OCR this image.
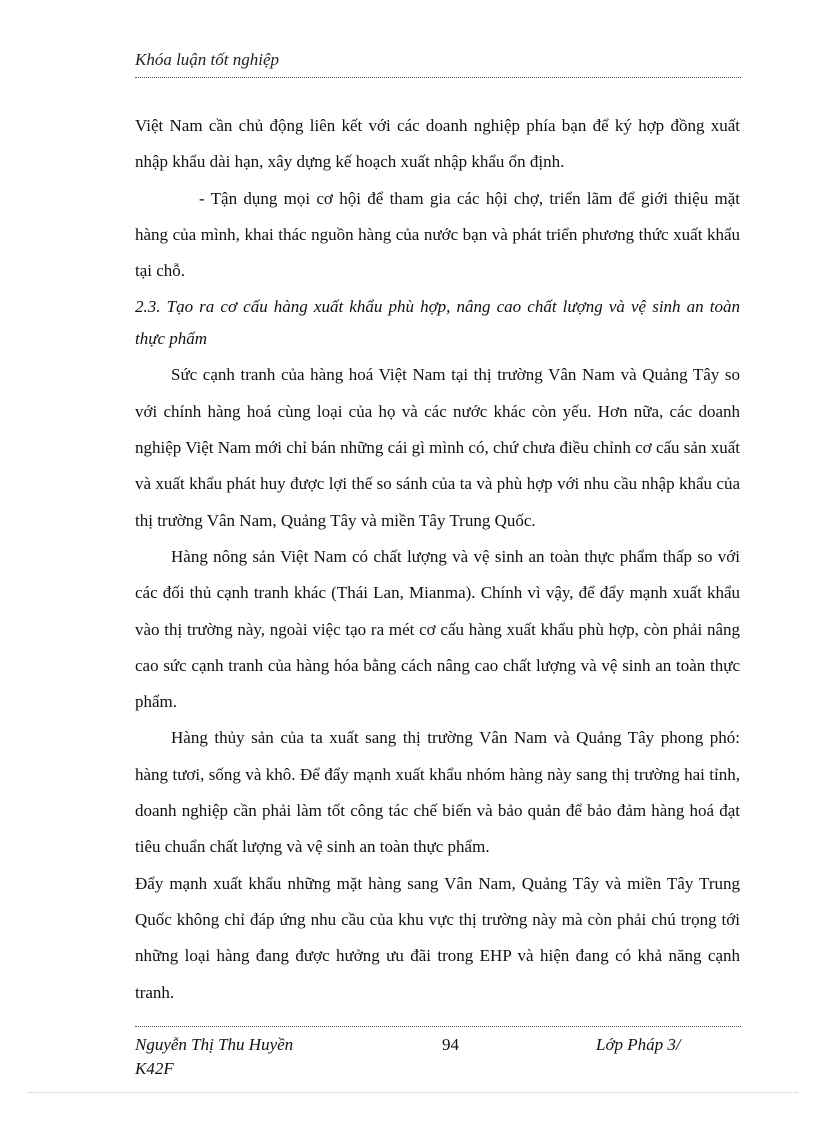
Khóa luận tốt nghiệp

Việt Nam cần chủ động liên kết với các doanh nghiệp phía bạn để ký hợp đồng xuất nhập khẩu dài hạn, xây dựng kế hoạch xuất nhập khẩu ổn định.

- Tận dụng mọi cơ hội để tham gia các hội chợ, triển lãm để giới thiệu mặt hàng của mình, khai thác nguồn hàng của nước bạn và phát triển phương thức xuất khẩu tại chỗ.

2.3. Tạo ra cơ cấu hàng xuất khẩu phù hợp, nâng cao chất lượng và vệ sinh an toàn thực phẩm

Sức cạnh tranh của hàng hoá Việt Nam tại thị trường Vân Nam và Quảng Tây so với chính hàng hoá cùng loại của họ và các nước khác còn yếu. Hơn nữa, các doanh nghiệp Việt Nam mới chỉ bán những cái gì mình có, chứ chưa điều chỉnh cơ cấu sản xuất và xuất khẩu phát huy được lợi thế so sánh của ta và phù hợp với nhu cầu nhập khẩu của thị trường Vân Nam, Quảng Tây và miền Tây Trung Quốc.

Hàng nông sản Việt Nam có chất lượng và vệ sinh an toàn thực phẩm thấp so với các đối thủ cạnh tranh khác (Thái Lan, Mianma). Chính vì vậy, để đẩy mạnh xuất khẩu vào thị trường này, ngoài việc tạo ra mét cơ cấu hàng xuất khẩu phù hợp, còn phải nâng cao sức cạnh tranh của hàng hóa bằng cách nâng cao chất lượng và vệ sinh an toàn thực phẩm.

Hàng thủy sản của ta xuất sang thị trường Vân Nam và Quảng Tây phong phó: hàng tươi, sống và khô. Để đẩy mạnh xuất khẩu nhóm hàng này sang thị trường hai tỉnh, doanh nghiệp cần phải làm tốt công tác chế biến và bảo quản để bảo đảm hàng hoá đạt tiêu chuẩn chất lượng và vệ sinh an toàn thực phẩm.

Đẩy mạnh xuất khẩu những mặt hàng sang Vân Nam, Quảng Tây và miền Tây Trung Quốc không chỉ đáp ứng nhu cầu của khu vực thị trường này mà còn phải chú trọng tới những loại hàng đang được hưởng ưu đãi trong EHP và hiện đang có khả năng cạnh tranh.

Nguyễn Thị Thu Huyền	94	Lớp Pháp 3/
K42F
